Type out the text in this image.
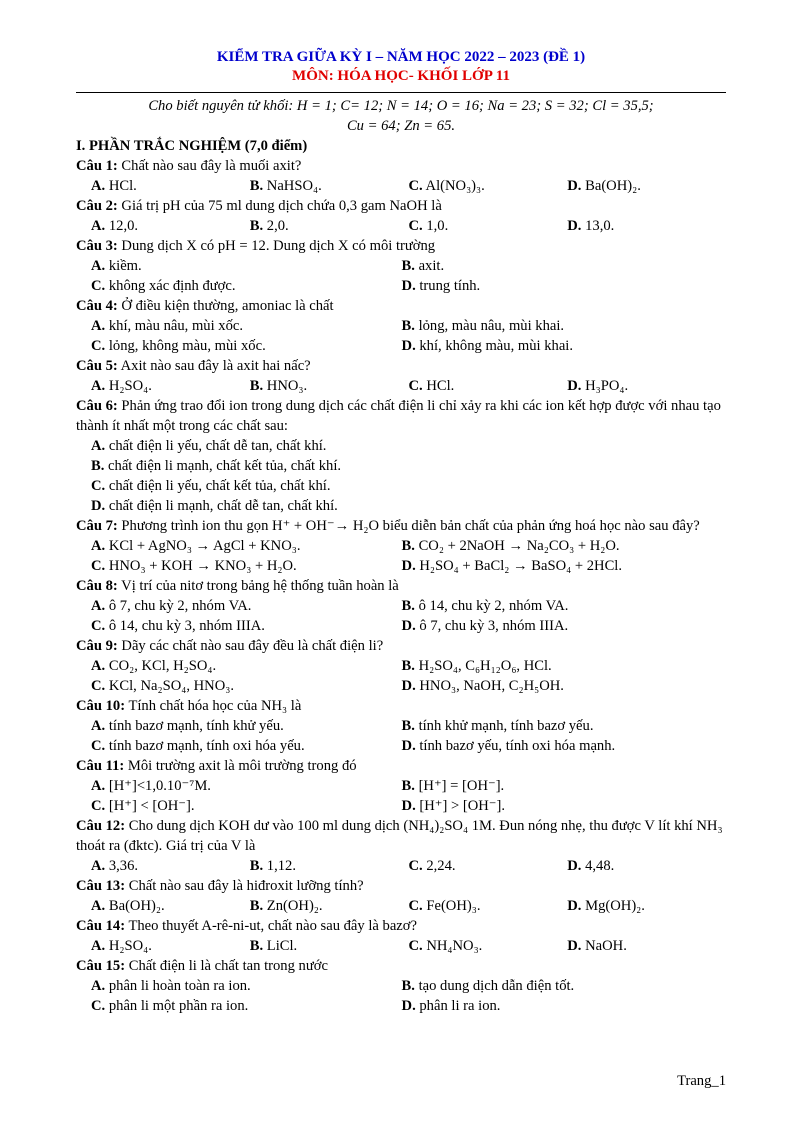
KIỂM TRA GIỮA KỲ I – NĂM HỌC 2022 – 2023 (ĐỀ 1)
MÔN: HÓA HỌC- KHỐI LỚP 11
Cho biết nguyên tử khối: H = 1; C= 12; N = 14; O = 16; Na = 23; S = 32; Cl = 35,5;
Cu = 64; Zn = 65.
I. PHẦN TRẮC NGHIỆM (7,0 điểm)
Câu 1: Chất nào sau đây là muối axit?
A. HCl.	B. NaHSO₄.	C. Al(NO₃)₃.	D. Ba(OH)₂.
Câu 2: Giá trị pH của 75 ml dung dịch chứa 0,3 gam NaOH là
A. 12,0.	B. 2,0.	C. 1,0.	D. 13,0.
Câu 3: Dung dịch X có pH = 12. Dung dịch X có môi trường
A. kiềm.	B. axit.
C. không xác định được.	D. trung tính.
Câu 4: Ở điều kiện thường, amoniac là chất
A. khí, màu nâu, mùi xốc.	B. lỏng, màu nâu, mùi khai.
C. lỏng, không màu, mùi xốc.	D. khí, không màu, mùi khai.
Câu 5: Axit nào sau đây là axit hai nấc?
A. H₂SO₄.	B. HNO₃.	C. HCl.	D. H₃PO₄.
Câu 6: Phản ứng trao đổi ion trong dung dịch các chất điện li chỉ xảy ra khi các ion kết hợp được với nhau tạo thành ít nhất một trong các chất sau:
A. chất điện li yếu, chất dễ tan, chất khí.
B. chất điện li mạnh, chất kết tủa, chất khí.
C. chất điện li yếu, chất kết tủa, chất khí.
D. chất điện li mạnh, chất dễ tan, chất khí.
Câu 7: Phương trình ion thu gọn H⁺ + OH⁻→ H₂O biểu diễn bản chất của phản ứng hoá học nào sau đây?
A. KCl + AgNO₃ → AgCl + KNO₃.	B. CO₂ + 2NaOH → Na₂CO₃ + H₂O.
C. HNO₃ + KOH → KNO₃ + H₂O.	D. H₂SO₄ + BaCl₂ → BaSO₄ + 2HCl.
Câu 8: Vị trí của nitơ trong bảng hệ thống tuần hoàn là
A. ô 7, chu kỳ 2, nhóm VA.	B. ô 14, chu kỳ 2, nhóm VA.
C. ô 14, chu kỳ 3, nhóm IIIA.	D. ô 7, chu kỳ 3, nhóm IIIA.
Câu 9: Dãy các chất nào sau đây đều là chất điện li?
A. CO₂, KCl, H₂SO₄.	B. H₂SO₄, C₆H₁₂O₆, HCl.
C. KCl, Na₂SO₄, HNO₃.	D. HNO₃, NaOH, C₂H₅OH.
Câu 10: Tính chất hóa học của NH₃ là
A. tính bazơ mạnh, tính khử yếu.	B. tính khử mạnh, tính bazơ yếu.
C. tính bazơ mạnh, tính oxi hóa yếu.	D. tính bazơ yếu, tính oxi hóa mạnh.
Câu 11: Môi trường axit là môi trường trong đó
A. [H⁺]<1,0.10⁻⁷M.	B. [H⁺] = [OH⁻].
C. [H⁺] < [OH⁻].	D. [H⁺] > [OH⁻].
Câu 12: Cho dung dịch KOH dư vào 100 ml dung dịch (NH₄)₂SO₄ 1M. Đun nóng nhẹ, thu được V lít khí NH₃ thoát ra (đktc). Giá trị của V là
A. 3,36.	B. 1,12.	C. 2,24.	D. 4,48.
Câu 13: Chất nào sau đây là hiđroxit lưỡng tính?
A. Ba(OH)₂.	B. Zn(OH)₂.	C. Fe(OH)₃.	D. Mg(OH)₂.
Câu 14: Theo thuyết A-rê-ni-ut, chất nào sau đây là bazơ?
A. H₂SO₄.	B. LiCl.	C. NH₄NO₃.	D. NaOH.
Câu 15: Chất điện li là chất tan trong nước
A. phân li hoàn toàn ra ion.	B. tạo dung dịch dẫn điện tốt.
C. phân li một phần ra ion.	D. phân li ra ion.
Trang_1
